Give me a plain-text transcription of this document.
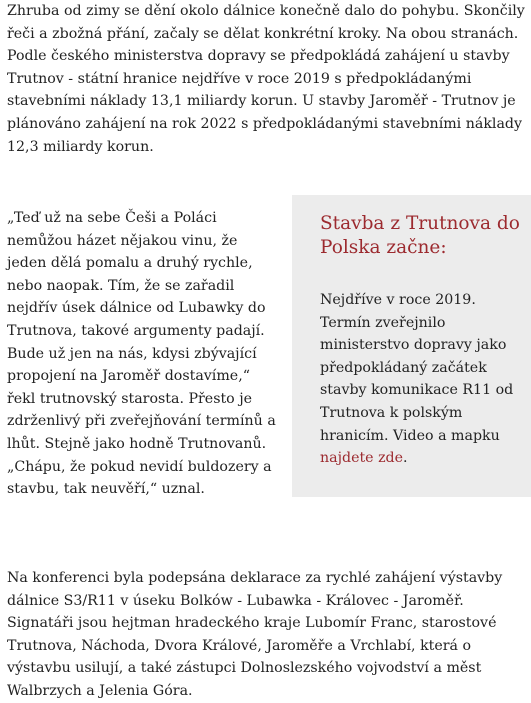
Zhruba od zimy se dění okolo dálnice konečně dalo do pohybu. Skončily řeči a zbožná přání, začaly se dělat konkrétní kroky. Na obou stranách. Podle českého ministerstva dopravy se předpokládá zahájení u stavby Trutnov - státní hranice nejdříve v roce 2019 s předpokládanými stavebními náklady 13,1 miliardy korun. U stavby Jaroměř - Trutnov je plánováno zahájení na rok 2022 s předpokládanými stavebními náklady 12,3 miliardy korun.

„Teď už na sebe Češi a Poláci nemůžou házet nějakou vinu, že jeden dělá pomalu a druhý rychle, nebo naopak. Tím, že se zařadil nejdřív úsek dálnice od Lubawky do Trutnova, takové argumenty padají. Bude už jen na nás, kdysi zbývající propojení na Jaroměř dostavíme,“ řekl trutnovský starosta. Přesto je zdrženlivý při zveřejňování termínů a lhůt. Stejně jako hodně Trutnovanů. „Chápu, že pokud nevidí buldozery a stavbu, tak neuvěří,“ uznal.

Stavba z Trutnova do Polska začne:

Nejdříve v roce 2019. Termín zveřejnilo ministerstvo dopravy jako předpokládaný začátek stavby komunikace R11 od Trutnova k polským hranicím. Video a mapku najdete zde.

Na konferenci byla podepsána deklarace za rychlé zahájení výstavby dálnice S3/R11 v úseku Bolków - Lubawka - Královec - Jaroměř. Signatáři jsou hejtman hradeckého kraje Lubomír Franc, starostové Trutnova, Náchoda, Dvora Králové, Jaroměře a Vrchlabí, která o výstavbu usilují, a také zástupci Dolnoslezského vojvodství a měst Walbrzych a Jelenia Góra.
